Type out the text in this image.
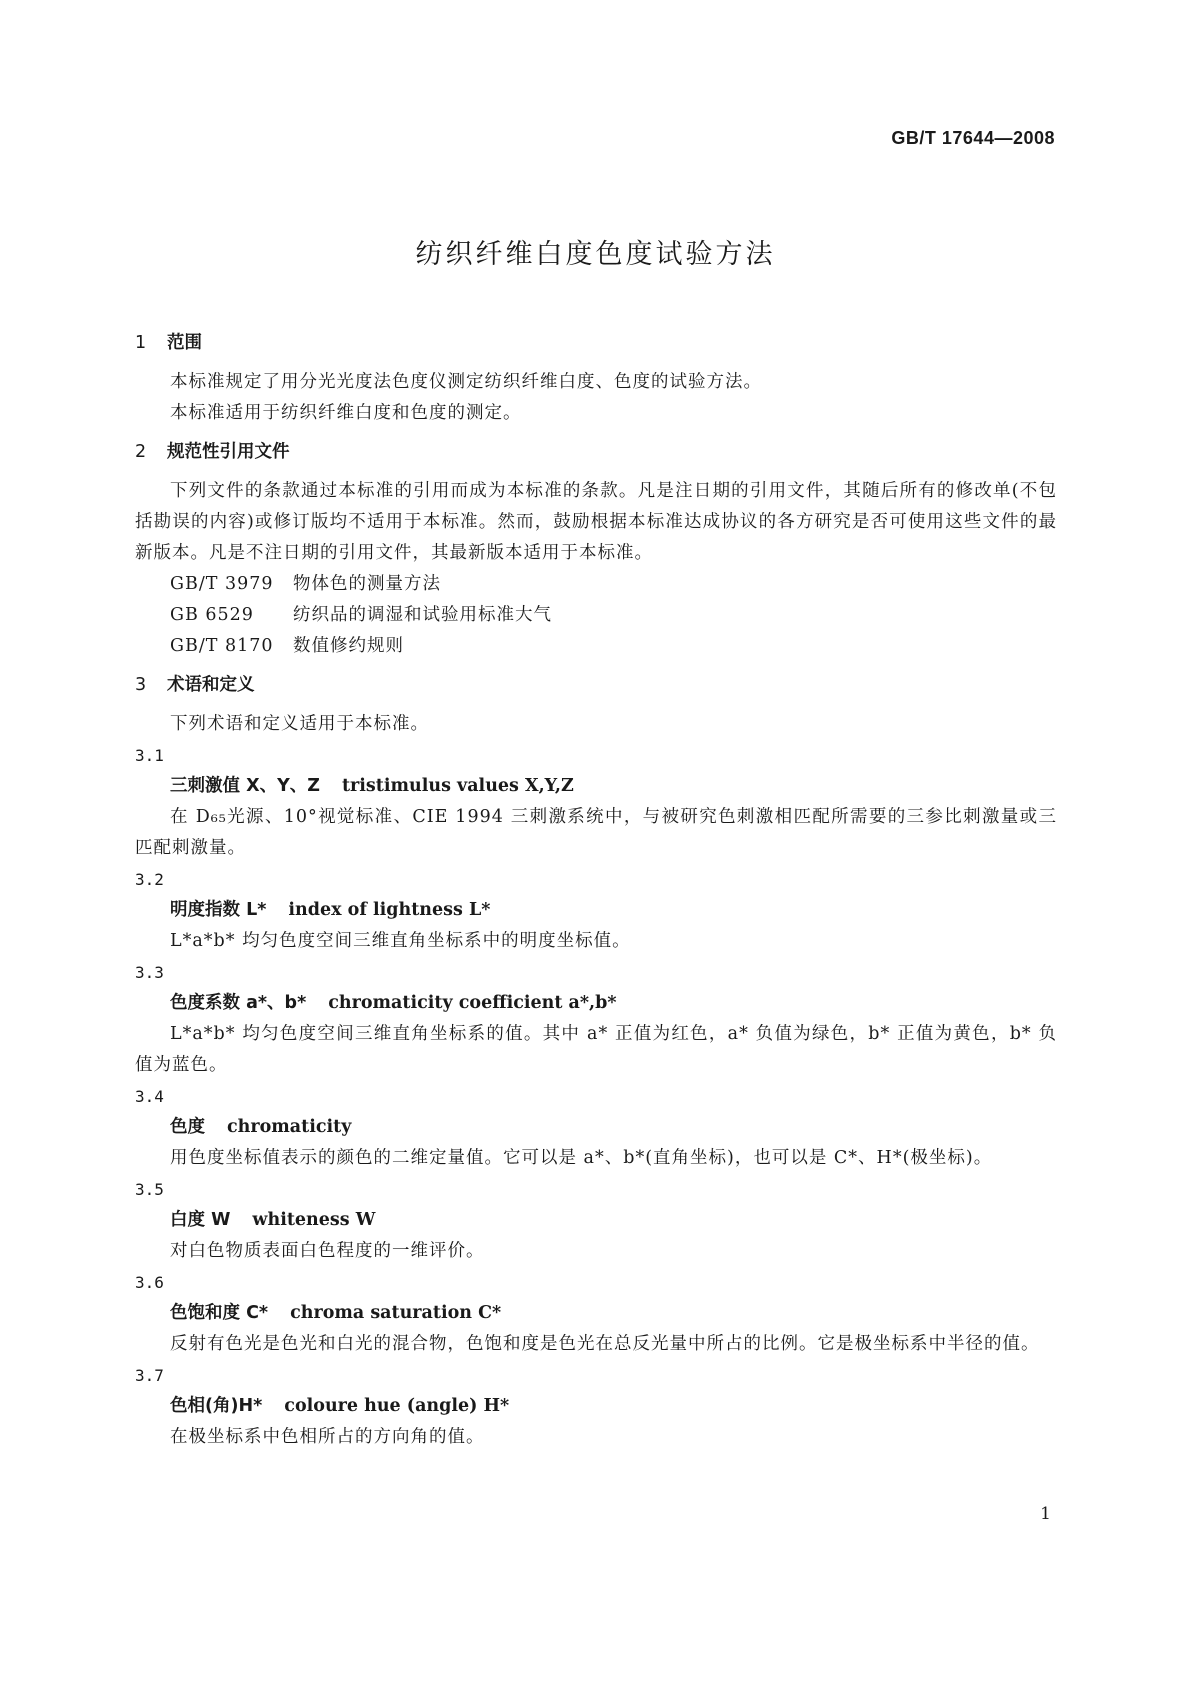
GB/T 17644—2008
纺织纤维白度色度试验方法

1 范围

本标准规定了用分光光度法色度仪测定纺织纤维白度、色度的试验方法。

本标准适用于纺织纤维白度和色度的测定。

2 规范性引用文件

下列文件的条款通过本标准的引用而成为本标准的条款。凡是注日期的引用文件，其随后所有的修改单(不包括勘误的内容)或修订版均不适用于本标准。然而，鼓励根据本标准达成协议的各方研究是否可使用这些文件的最新版本。凡是不注日期的引用文件，其最新版本适用于本标准。

GB/T 3979 物体色的测量方法

GB 6529 纺织品的调湿和试验用标准大气

GB/T 8170 数值修约规则

3 术语和定义

下列术语和定义适用于本标准。

3.1

三刺激值 X、Y、Z tristimulus values X,Y,Z

在 D₆₅光源、10°视觉标准、CIE 1994 三刺激系统中，与被研究色刺激相匹配所需要的三参比刺激量或三匹配刺激量。

3.2

明度指数 L* index of lightness L*

L*a*b* 均匀色度空间三维直角坐标系中的明度坐标值。

3.3

色度系数 a*、b* chromaticity coefficient a*,b*

L*a*b* 均匀色度空间三维直角坐标系的值。其中 a* 正值为红色，a* 负值为绿色，b* 正值为黄色，b* 负值为蓝色。

3.4

色度 chromaticity

用色度坐标值表示的颜色的二维定量值。它可以是 a*、b*(直角坐标)，也可以是 C*、H*(极坐标)。

3.5

白度 W whiteness W

对白色物质表面白色程度的一维评价。

3.6

色饱和度 C* chroma saturation C*

反射有色光是色光和白光的混合物，色饱和度是色光在总反光量中所占的比例。它是极坐标系中半径的值。

3.7

色相(角)H* coloure hue (angle) H*

在极坐标系中色相所占的方向角的值。

1
